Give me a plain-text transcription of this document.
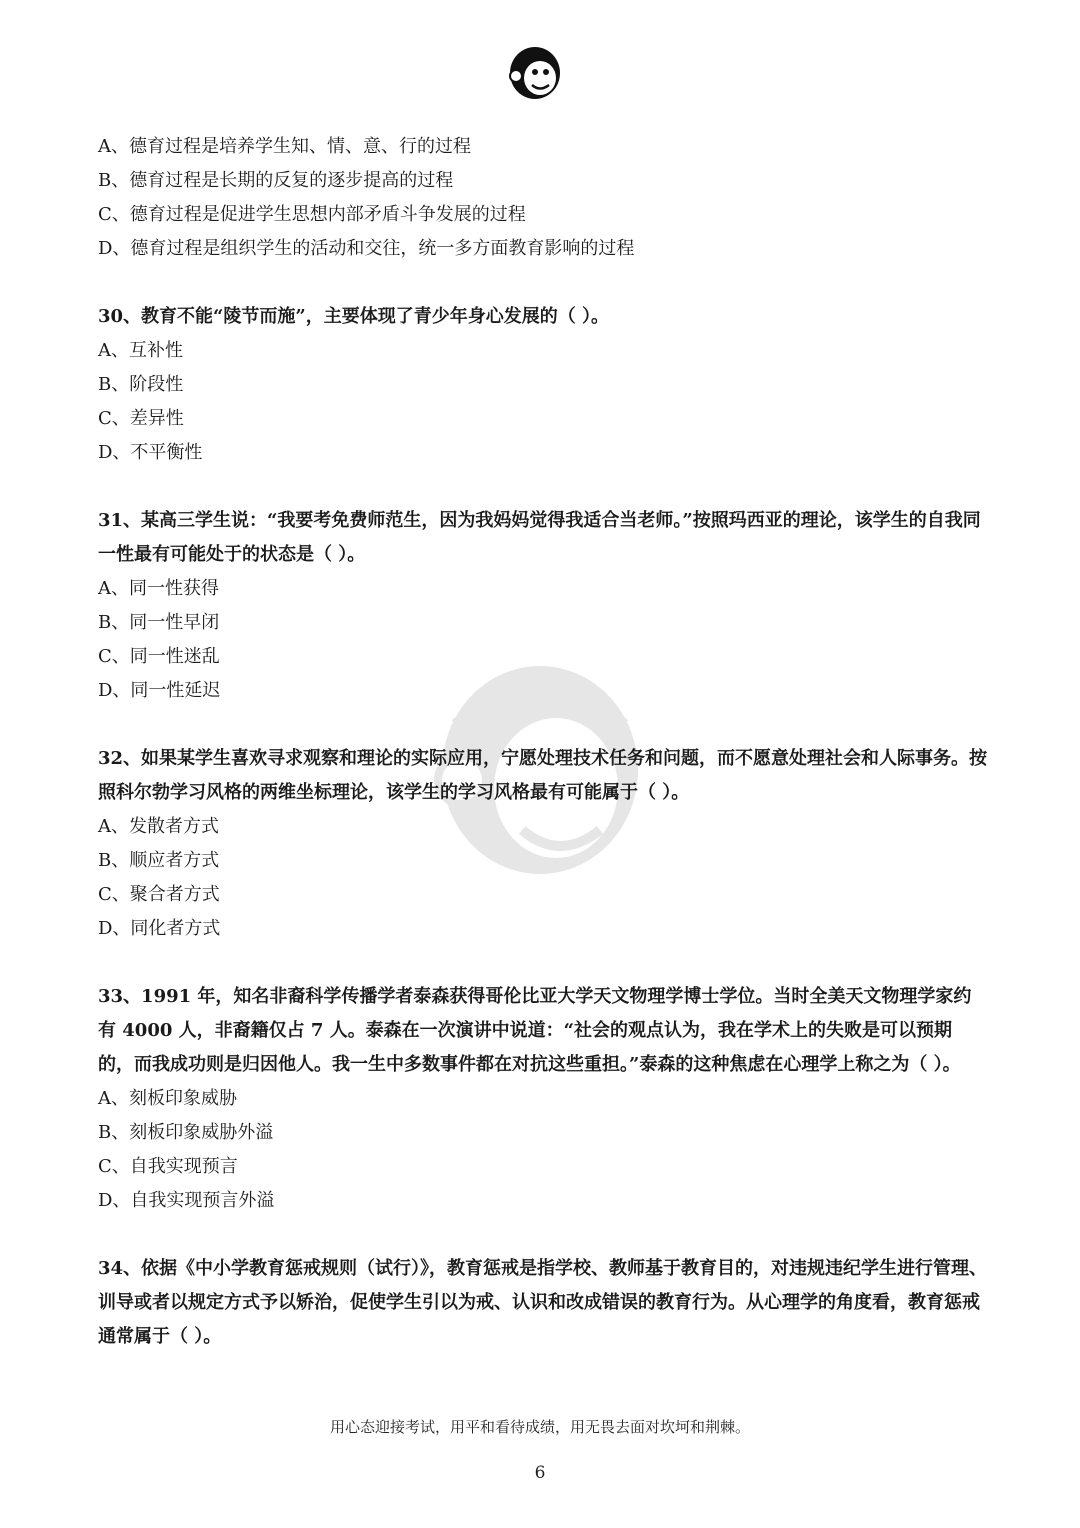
A、德育过程是培养学生知、情、意、行的过程

B、德育过程是长期的反复的逐步提高的过程

C、德育过程是促进学生思想内部矛盾斗争发展的过程

D、德育过程是组织学生的活动和交往，统一多方面教育影响的过程

30、教育不能“陵节而施”，主要体现了青少年身心发展的（ ）。

A、互补性

B、阶段性

C、差异性

D、不平衡性

31、某高三学生说：“我要考免费师范生，因为我妈妈觉得我适合当老师。”按照玛西亚的理论，该学生的自我同一性最有可能处于的状态是（ ）。

A、同一性获得

B、同一性早闭

C、同一性迷乱

D、同一性延迟

32、如果某学生喜欢寻求观察和理论的实际应用，宁愿处理技术任务和问题，而不愿意处理社会和人际事务。按照科尔勃学习风格的两维坐标理论，该学生的学习风格最有可能属于（ ）。

A、发散者方式

B、顺应者方式

C、聚合者方式

D、同化者方式

33、1991 年，知名非裔科学传播学者泰森获得哥伦比亚大学天文物理学博士学位。当时全美天文物理学家约有 4000 人，非裔籍仅占 7 人。泰森在一次演讲中说道：“社会的观点认为，我在学术上的失败是可以预期的，而我成功则是归因他人。我一生中多数事件都在对抗这些重担。”泰森的这种焦虑在心理学上称之为（ ）。

A、刻板印象威胁

B、刻板印象威胁外溢

C、自我实现预言

D、自我实现预言外溢

34、依据《中小学教育惩戒规则（试行）》，教育惩戒是指学校、教师基于教育目的，对违规违纪学生进行管理、训导或者以规定方式予以矫治，促使学生引以为戒、认识和改成错误的教育行为。从心理学的角度看，教育惩戒通常属于（ ）。

用心态迎接考试，用平和看待成绩，用无畏去面对坎坷和荆棘。
6
